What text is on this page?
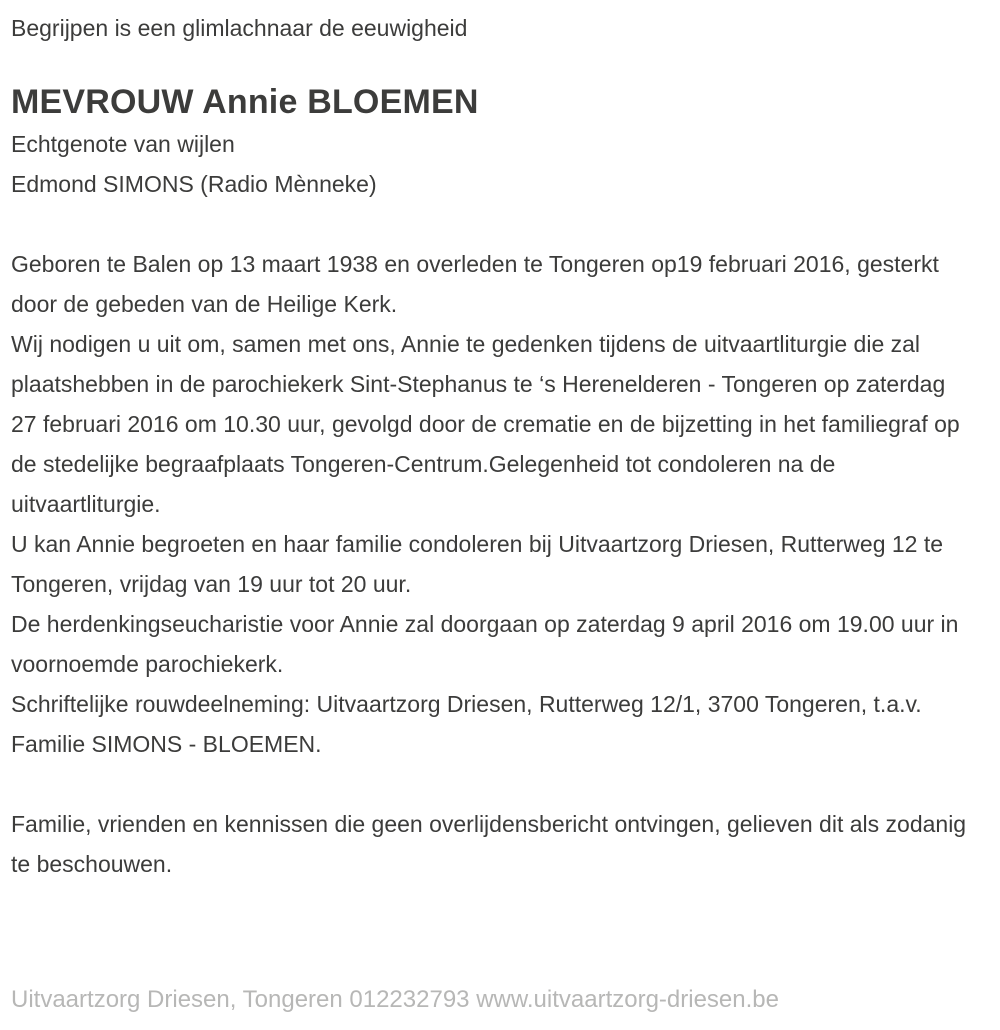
Begrijpen is een glimlachnaar de eeuwigheid
MEVROUW Annie BLOEMEN
Echtgenote van wijlen
Edmond SIMONS (Radio Mènneke)

Geboren te Balen op 13 maart 1938 en overleden te Tongeren op19 februari 2016, gesterkt door de gebeden van de Heilige Kerk.

Wij nodigen u uit om, samen met ons, Annie te gedenken tijdens de uitvaartliturgie die zal plaatshebben in de parochiekerk Sint-Stephanus te ‘s Herenelderen - Tongeren op zaterdag 27 februari 2016 om 10.30 uur, gevolgd door de crematie en de bijzetting in het familiegraf op de stedelijke begraafplaats Tongeren-Centrum.Gelegenheid tot condoleren na de uitvaartliturgie.

U kan Annie begroeten en haar familie condoleren bij Uitvaartzorg Driesen, Rutterweg 12 te Tongeren, vrijdag van 19 uur tot 20 uur.

De herdenkingseucharistie voor Annie zal doorgaan op zaterdag 9 april 2016 om 19.00 uur in voornoemde parochiekerk.

Schriftelijke rouwdeelneming: Uitvaartzorg Driesen, Rutterweg 12/1, 3700 Tongeren, t.a.v. Familie SIMONS - BLOEMEN.

Familie, vrienden en kennissen die geen overlijdensbericht ontvingen, gelieven dit als zodanig te beschouwen.

Uitvaartzorg Driesen, Tongeren 012232793 www.uitvaartzorg-driesen.be
